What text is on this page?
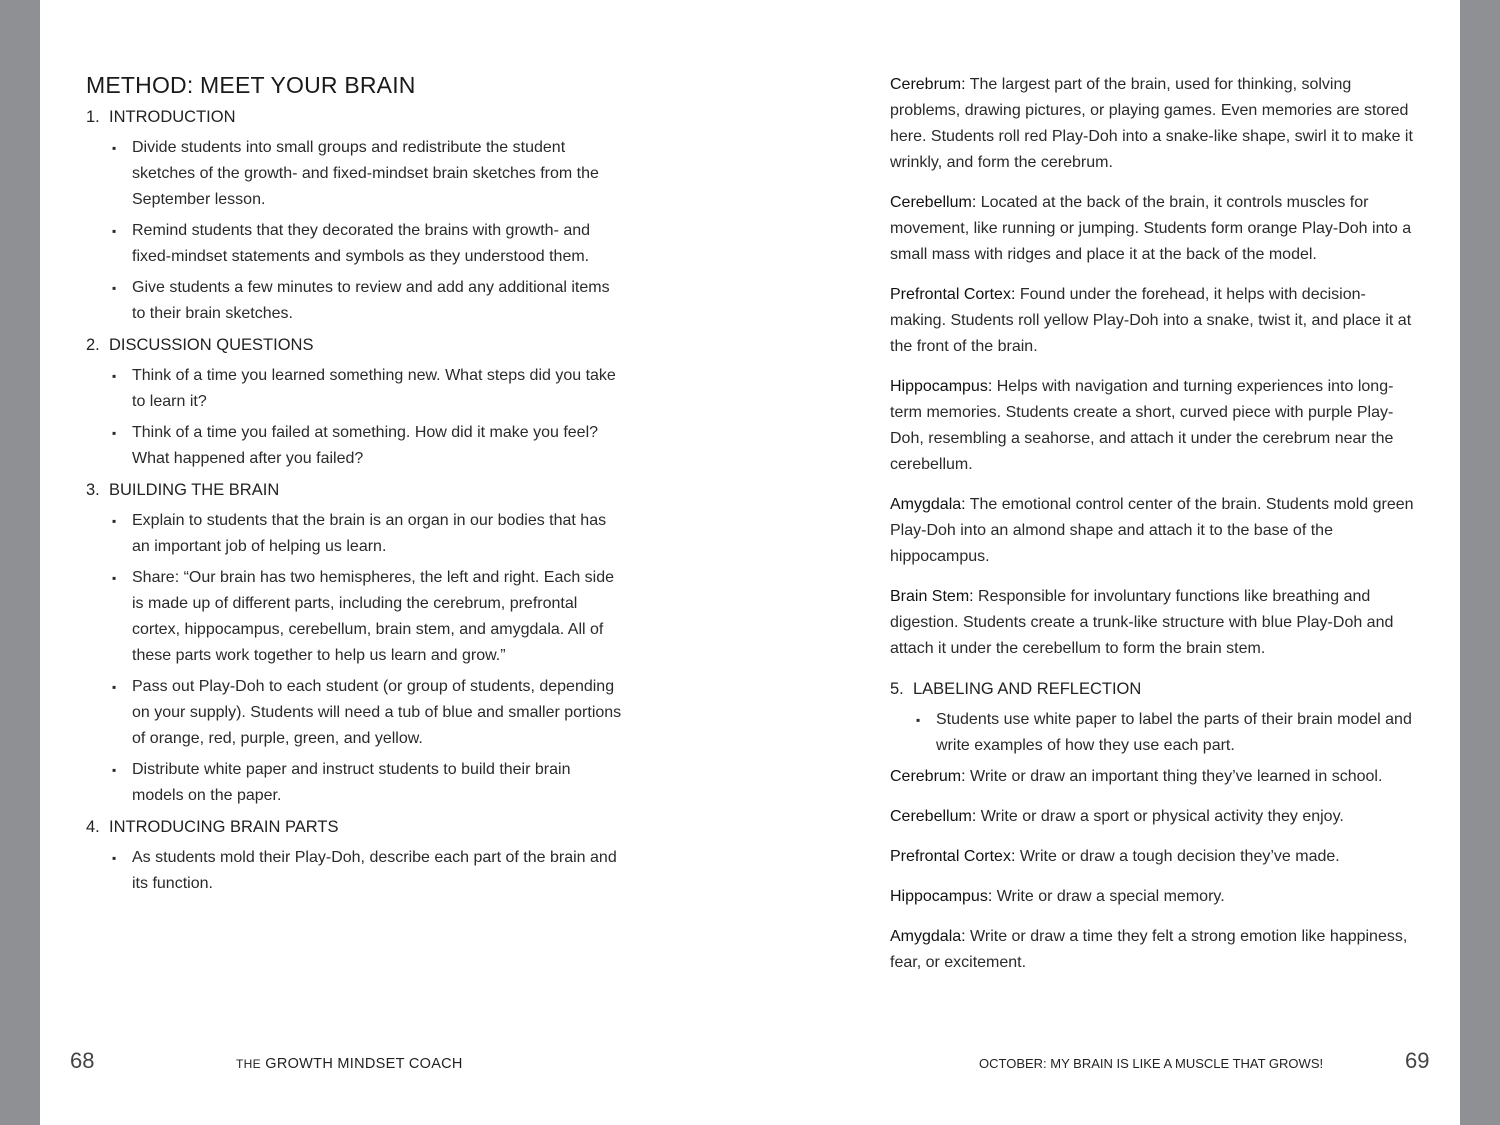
METHOD: MEET YOUR BRAIN
1. INTRODUCTION
▪ Divide students into small groups and redistribute the student sketches of the growth- and fixed-mindset brain sketches from the September lesson.
▪ Remind students that they decorated the brains with growth- and fixed-mindset statements and symbols as they understood them.
▪ Give students a few minutes to review and add any additional items to their brain sketches.
2. DISCUSSION QUESTIONS
▪ Think of a time you learned something new. What steps did you take to learn it?
▪ Think of a time you failed at something. How did it make you feel? What happened after you failed?
3. BUILDING THE BRAIN
▪ Explain to students that the brain is an organ in our bodies that has an important job of helping us learn.
▪ Share: “Our brain has two hemispheres, the left and right. Each side is made up of different parts, including the cerebrum, prefrontal cortex, hippocampus, cerebellum, brain stem, and amygdala. All of these parts work together to help us learn and grow.”
▪ Pass out Play-Doh to each student (or group of students, depending on your supply). Students will need a tub of blue and smaller portions of orange, red, purple, green, and yellow.
▪ Distribute white paper and instruct students to build their brain models on the paper.
4. INTRODUCING BRAIN PARTS
▪ As students mold their Play-Doh, describe each part of the brain and its function.
68	THE GROWTH MINDSET COACH

Cerebrum: The largest part of the brain, used for thinking, solving problems, drawing pictures, or playing games. Even memories are stored here. Students roll red Play-Doh into a snake-like shape, swirl it to make it wrinkly, and form the cerebrum.

Cerebellum: Located at the back of the brain, it controls muscles for movement, like running or jumping. Students form orange Play-Doh into a small mass with ridges and place it at the back of the model.

Prefrontal Cortex: Found under the forehead, it helps with decision-making. Students roll yellow Play-Doh into a snake, twist it, and place it at the front of the brain.

Hippocampus: Helps with navigation and turning experiences into long-term memories. Students create a short, curved piece with purple Play-Doh, resembling a seahorse, and attach it under the cerebrum near the cerebellum.

Amygdala: The emotional control center of the brain. Students mold green Play-Doh into an almond shape and attach it to the base of the hippocampus.

Brain Stem: Responsible for involuntary functions like breathing and digestion. Students create a trunk-like structure with blue Play-Doh and attach it under the cerebellum to form the brain stem.

5. LABELING AND REFLECTION
▪ Students use white paper to label the parts of their brain model and write examples of how they use each part.

Cerebrum: Write or draw an important thing they’ve learned in school.

Cerebellum: Write or draw a sport or physical activity they enjoy.

Prefrontal Cortex: Write or draw a tough decision they’ve made.

Hippocampus: Write or draw a special memory.

Amygdala: Write or draw a time they felt a strong emotion like happiness, fear, or excitement.

OCTOBER: MY BRAIN IS LIKE A MUSCLE THAT GROWS!	69
